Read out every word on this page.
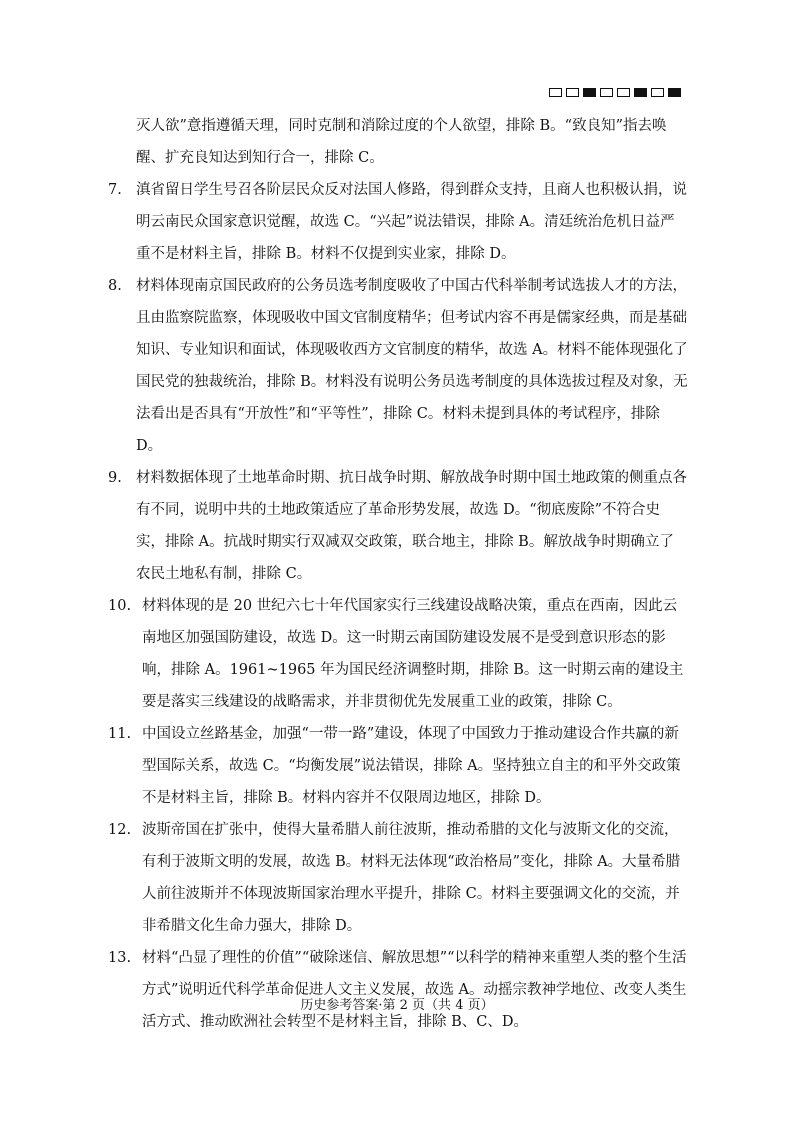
灭人欲”意指遵循天理，同时克制和消除过度的个人欲望，排除 B。“致良知”指去唤醒、扩充良知达到知行合一，排除 C。

7. 滇省留日学生号召各阶层民众反对法国人修路，得到群众支持，且商人也积极认捐，说明云南民众国家意识觉醒，故选 C。“兴起”说法错误，排除 A。清廷统治危机日益严重不是材料主旨，排除 B。材料不仅提到实业家，排除 D。
8. 材料体现南京国民政府的公务员选考制度吸收了中国古代科举制考试选拔人才的方法，且由监察院监察，体现吸收中国文官制度精华；但考试内容不再是儒家经典，而是基础知识、专业知识和面试，体现吸收西方文官制度的精华，故选 A。材料不能体现强化了国民党的独裁统治，排除 B。材料没有说明公务员选考制度的具体选拔过程及对象，无法看出是否具有“开放性”和“平等性”，排除 C。材料未提到具体的考试程序，排除 D。
9. 材料数据体现了土地革命时期、抗日战争时期、解放战争时期中国土地政策的侧重点各有不同，说明中共的土地政策适应了革命形势发展，故选 D。“彻底废除”不符合史实，排除 A。抗战时期实行双减双交政策，联合地主，排除 B。解放战争时期确立了农民土地私有制，排除 C。
10. 材料体现的是 20 世纪六七十年代国家实行三线建设战略决策，重点在西南，因此云南地区加强国防建设，故选 D。这一时期云南国防建设发展不是受到意识形态的影响，排除 A。1961~1965 年为国民经济调整时期，排除 B。这一时期云南的建设主要是落实三线建设的战略需求，并非贯彻优先发展重工业的政策，排除 C。
11. 中国设立丝路基金，加强“一带一路”建设，体现了中国致力于推动建设合作共赢的新型国际关系，故选 C。“均衡发展”说法错误，排除 A。坚持独立自主的和平外交政策不是材料主旨，排除 B。材料内容并不仅限周边地区，排除 D。
12. 波斯帝国在扩张中，使得大量希腊人前往波斯，推动希腊的文化与波斯文化的交流，有利于波斯文明的发展，故选 B。材料无法体现“政治格局”变化，排除 A。大量希腊人前往波斯并不体现波斯国家治理水平提升，排除 C。材料主要强调文化的交流，并非希腊文化生命力强大，排除 D。
13. 材料“凸显了理性的价值”“破除迷信、解放思想”“以科学的精神来重塑人类的整个生活方式”说明近代科学革命促进人文主义发展，故选 A。动摇宗教神学地位、改变人类生活方式、推动欧洲社会转型不是材料主旨，排除 B、C、D。
历史参考答案·第 2 页（共 4 页）
